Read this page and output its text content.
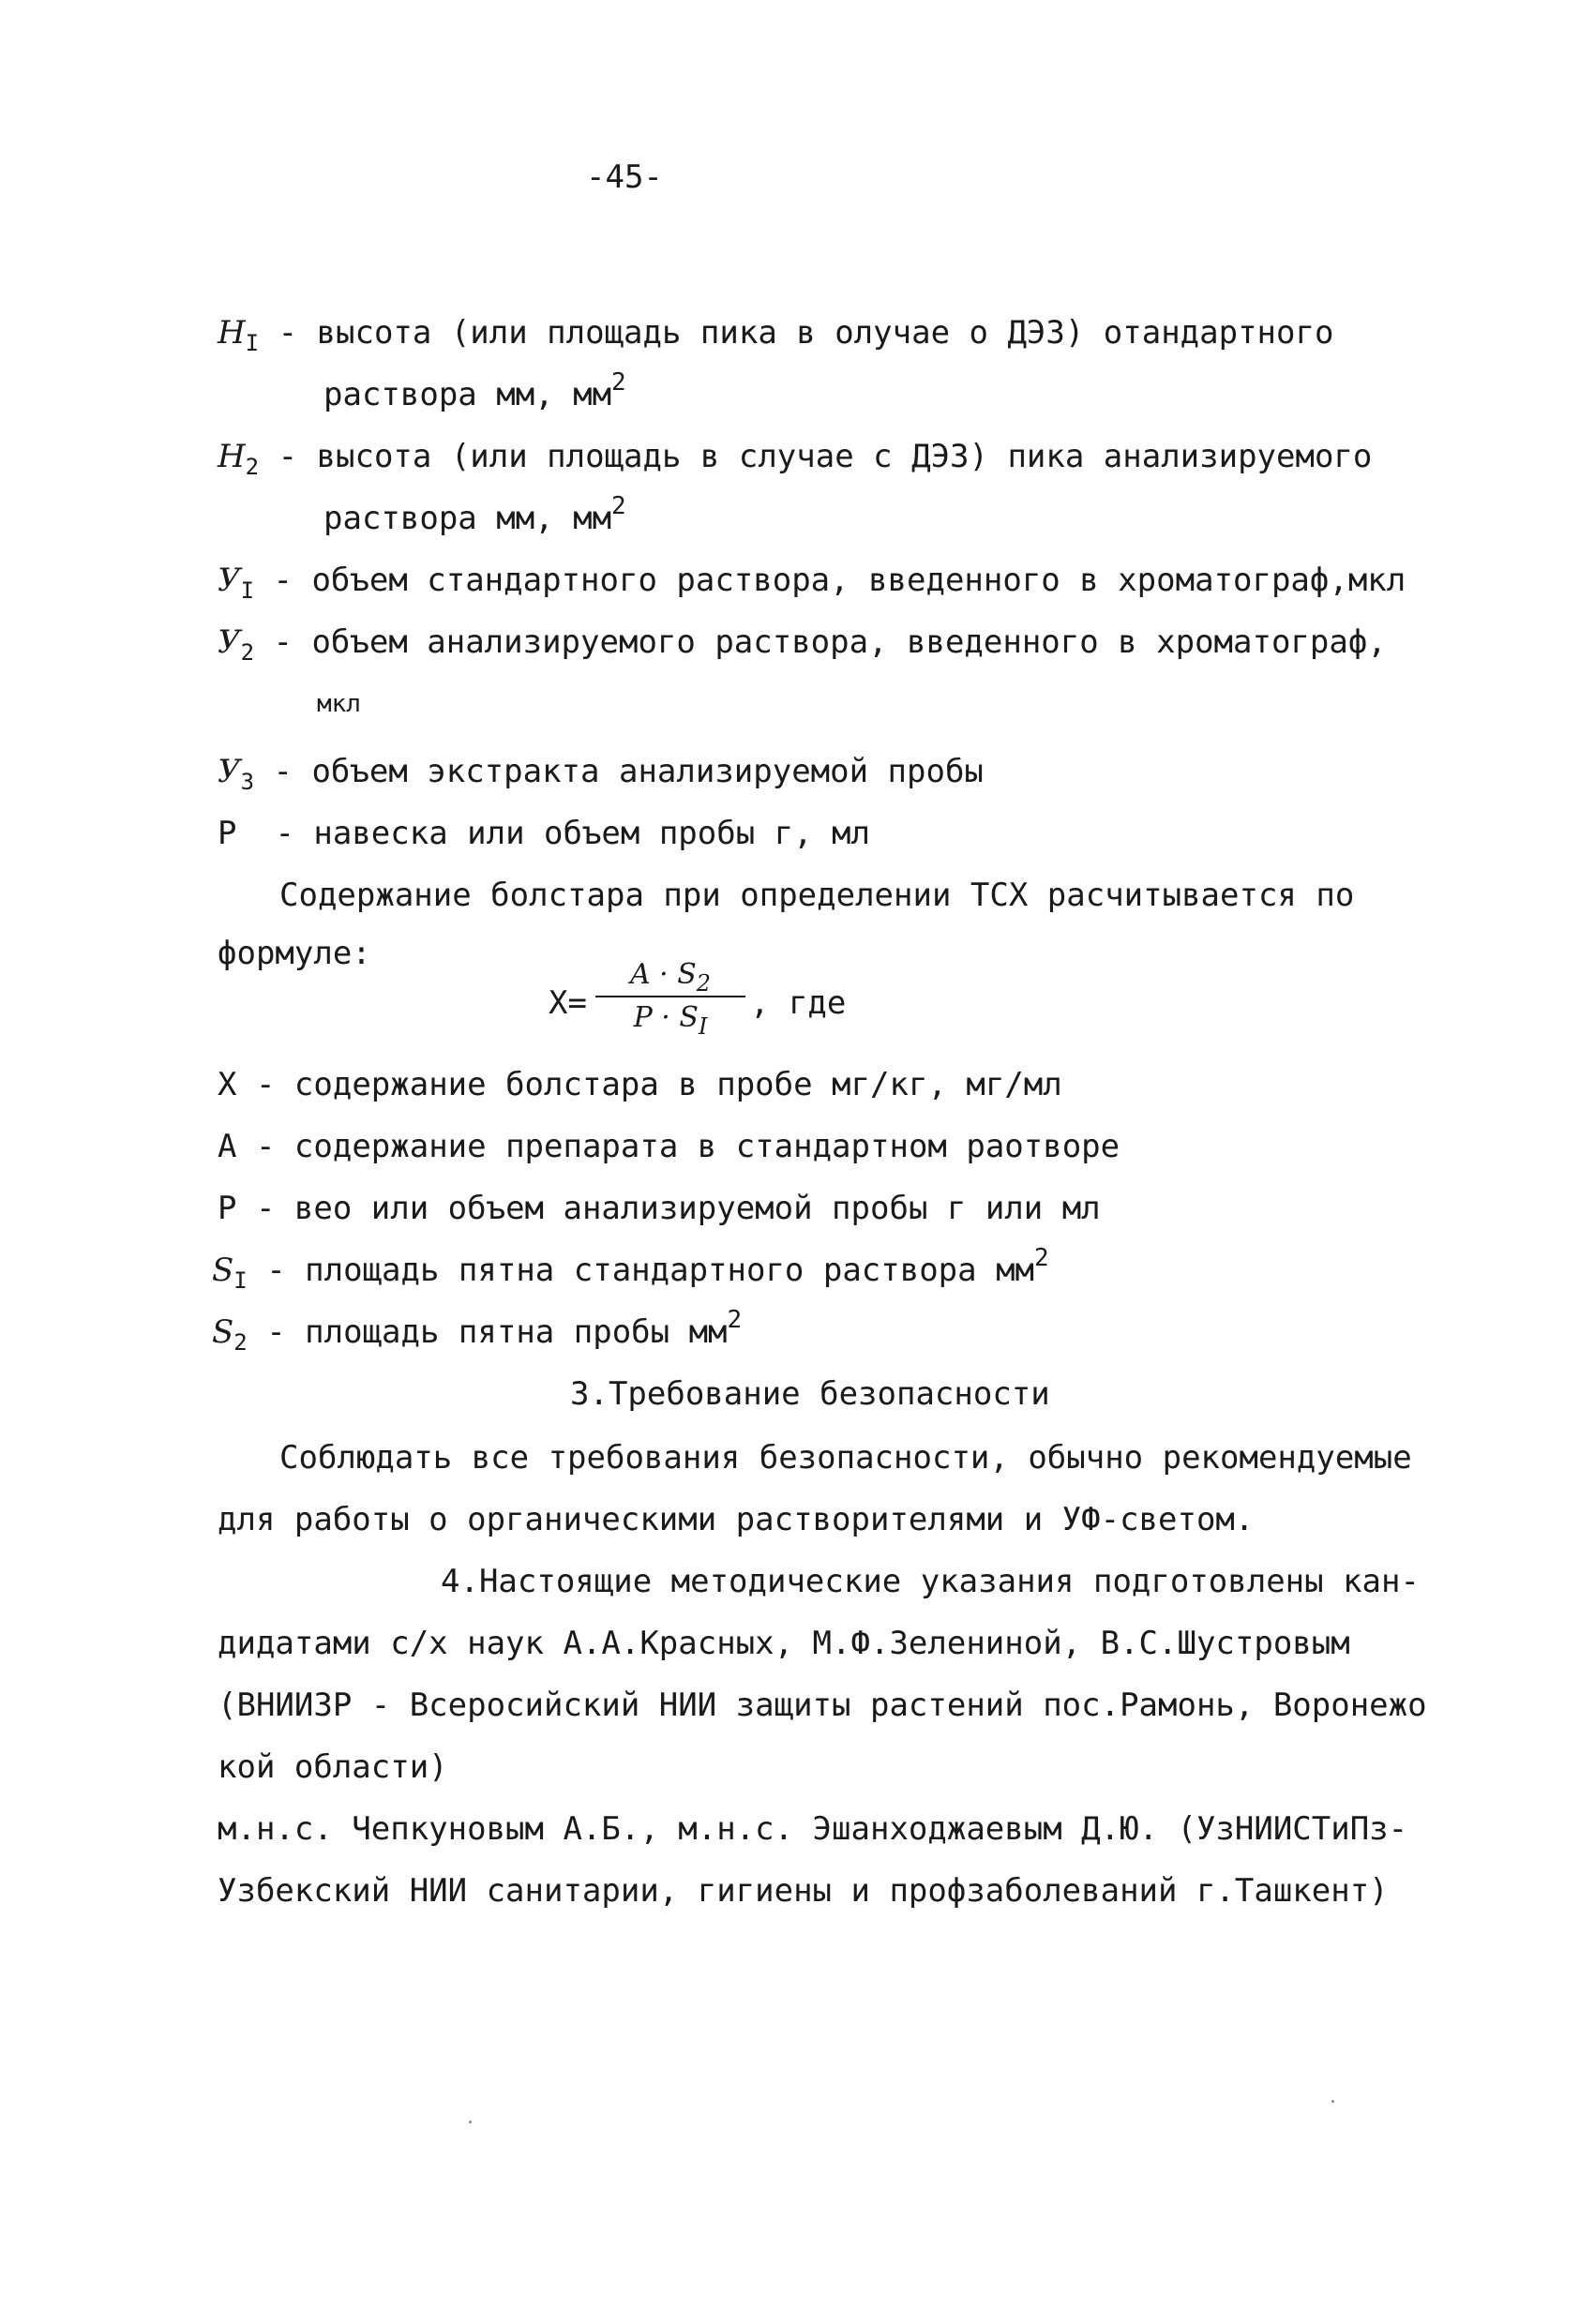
-45-
$H_I$ - высота (или площадь пика в олучае о ДЭЗ) отандартного
раствора мм, $мм^2$
$H_2$ - высота (или площадь в случае с ДЭЗ) пика анализируемого
раствора мм, $мм^2$
$У_I$ - объем стандартного раствора, введенного в хроматограф,мкл
$У_2$ - объем анализируемого раствора, введенного в хроматограф,
мкл
$У_3$ - объем экстракта анализируемой пробы
P - навеска или объем пробы г, мл
Содержание болстара при определении ТСХ расчитывается по
формуле:
Х=
$A \cdot S_2$
$P \cdot S_I$
, где
Х - содержание болстара в пробе мг/кг, мг/мл
А - содержание препарата в стандартном раотворе
Р - вео или объем анализируемой пробы г или мл
$S_I$ - площадь пятна стандартного раствора $мм^2$
$S_2$ - площадь пятна пробы $мм^2$
3.Требование безопасности
Соблюдать все требования безопасности, обычно рекомендуемые
для работы о органическими растворителями и УФ-светом.
4.Настоящие методические указания подготовлены кан-
дидатами с/х наук А.А.Красных, М.Ф.Зелениной, В.С.Шустровым
(ВНИИЗР - Всеросийский НИИ защиты растений пос.Рамонь, Воронежо
кой области)
м.н.с. Чепкуновым А.Б., м.н.с. Эшанходжаевым Д.Ю. (УзНИИСТиПз-
Узбекский НИИ санитарии, гигиены и профзаболеваний г.Ташкент)
